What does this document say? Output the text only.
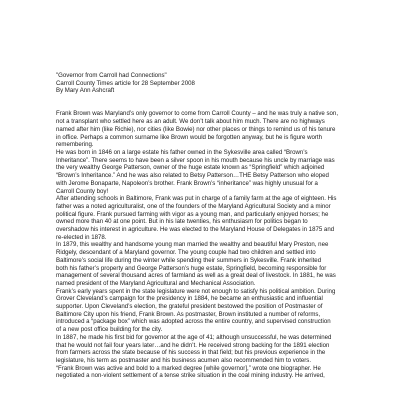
"Governor from Carroll had Connections"
Carroll County Times article for 28 September 2008
By Mary Ann Ashcraft
Frank Brown was Maryland’s only governor to come from Carroll County – and he was truly a native son,
not a transplant who settled here as an adult. We don’t talk about him much. There are no highways
named after him (like Richie), nor cities (like Bowie) nor other places or things to remind us of his tenure
in office. Perhaps a common surname like Brown would be forgotten anyway, but he is figure worth
remembering.
He was born in 1846 on a large estate his father owned in the Sykesville area called “Brown’s
Inheritance”. There seems to have been a silver spoon in his mouth because his uncle by marriage was
the very wealthy George Patterson, owner of the huge estate known as “Springfield” which adjoined
“Brown’s Inheritance.” And he was also related to Betsy Patterson…THE Betsy Patterson who eloped
with Jerome Bonaparte, Napoleon’s brother. Frank Brown’s “inheritance” was highly unusual for a
Carroll County boy!
After attending schools in Baltimore, Frank was put in charge of a family farm at the age of eighteen. His
father was a noted agriculturalist, one of the founders of the Maryland Agricultural Society and a minor
political figure. Frank pursued farming with vigor as a young man, and particularly enjoyed horses; he
owned more than 40 at one point. But in his late twenties, his enthusiasm for politics began to
overshadow his interest in agriculture. He was elected to the Maryland House of Delegates in 1875 and
re-elected in 1878.
In 1879, this wealthy and handsome young man married the wealthy and beautiful Mary Preston, nee
Ridgely, descendant of a Maryland governor. The young couple had two children and settled into
Baltimore’s social life during the winter while spending their summers in Sykesville. Frank inherited
both his father’s property and George Patterson’s huge estate, Springfield, becoming responsible for
management of several thousand acres of farmland as well as a great deal of livestock. In 1881, he was
named president of the Maryland Agricultural and Mechanical Association.
Frank’s early years spent in the state legislature were not enough to satisfy his political ambition. During
Grover Cleveland’s campaign for the presidency in 1884, he became an enthusiastic and influential
supporter. Upon Cleveland’s election, the grateful president bestowed the position of Postmaster of
Baltimore City upon his friend, Frank Brown. As postmaster, Brown instituted a number of reforms,
introduced a “package box” which was adopted across the entire country, and supervised construction
of a new post office building for the city.
In 1887, he made his first bid for governor at the age of 41; although unsuccessful, he was determined
that he would not fail four years later…and he didn’t. He received strong backing for the 1891 election
from farmers across the state because of his success in that field; but his previous experience in the
legislature, his term as postmaster and his business acumen also recommended him to voters.
“Frank Brown was active and bold to a marked degree [while governor],” wrote one biographer. He
negotiated a non-violent settlement of a tense strike situation in the coal mining industry. He arrived,
